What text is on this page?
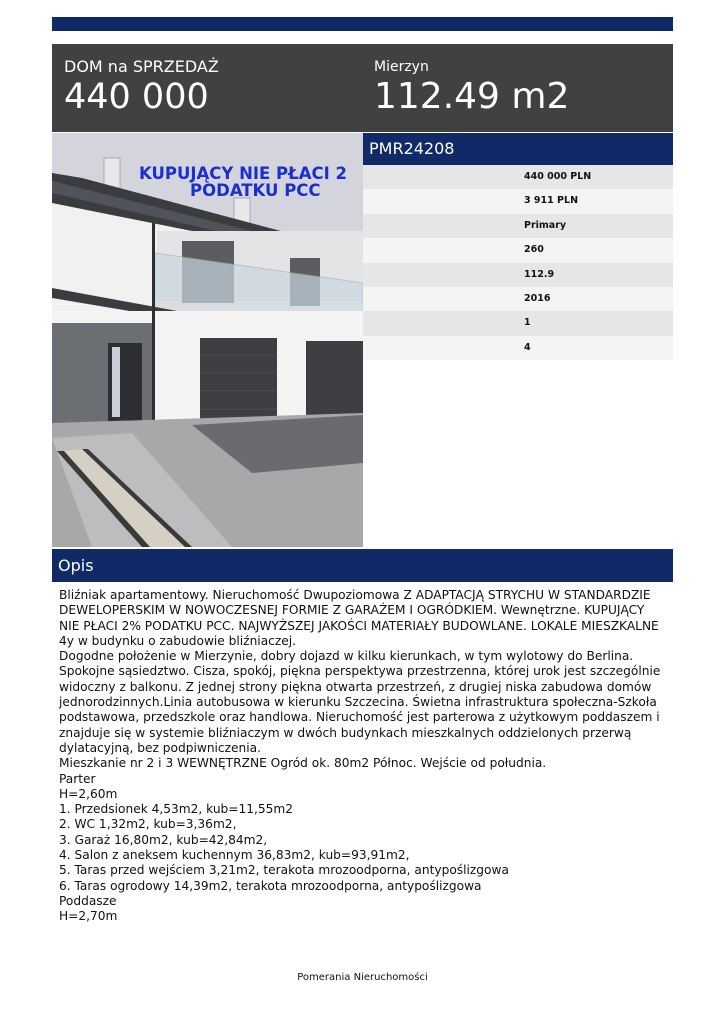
DOM na SPRZEDAŻ
440 000
Mierzyn
112.49 m2
KUPUJĄCY NIE PŁACI 2
PODATKU PCC
PMR24208
440 000 PLN
3 911 PLN
Primary
260
112.9
2016
1
4
Opis
Bliźniak apartamentowy. Nieruchomość Dwupoziomowa Z ADAPTACJĄ STRYCHU W STANDARDZIE
DEWELOPERSKIM W NOWOCZESNEJ FORMIE Z GARAŻEM I OGRÓDKIEM. Wewnętrzne. KUPUJĄCY
NIE PŁACI 2% PODATKU PCC. NAJWYŻSZEJ JAKOŚCI MATERIAŁY BUDOWLANE. LOKALE MIESZKALNE
4y w budynku o zabudowie bliźniaczej.
Dogodne położenie w Mierzynie, dobry dojazd w kilku kierunkach, w tym wylotowy do Berlina.
Spokojne sąsiedztwo. Cisza, spokój, piękna perspektywa przestrzenna, której urok jest szczególnie
widoczny z balkonu. Z jednej strony piękna otwarta przestrzeń, z drugiej niska zabudowa domów
jednorodzinnych.Linia autobusowa w kierunku Szczecina. Świetna infrastruktura społeczna-Szkoła
podstawowa, przedszkole oraz handlowa. Nieruchomość jest parterowa z użytkowym poddaszem i
znajduje się w systemie bliźniaczym w dwóch budynkach mieszkalnych oddzielonych przerwą
dylatacyjną, bez podpiwniczenia.
Mieszkanie nr 2 i 3 WEWNĘTRZNE Ogród ok. 80m2 Północ. Wejście od południa.
Parter
H=2,60m
1. Przedsionek 4,53m2, kub=11,55m2
2. WC 1,32m2, kub=3,36m2,
3. Garaż 16,80m2, kub=42,84m2,
4. Salon z aneksem kuchennym 36,83m2, kub=93,91m2,
5. Taras przed wejściem 3,21m2, terakota mrozoodporna, antypoślizgowa
6. Taras ogrodowy 14,39m2, terakota mrozoodporna, antypoślizgowa
Poddasze
H=2,70m
Pomerania Nieruchomości
